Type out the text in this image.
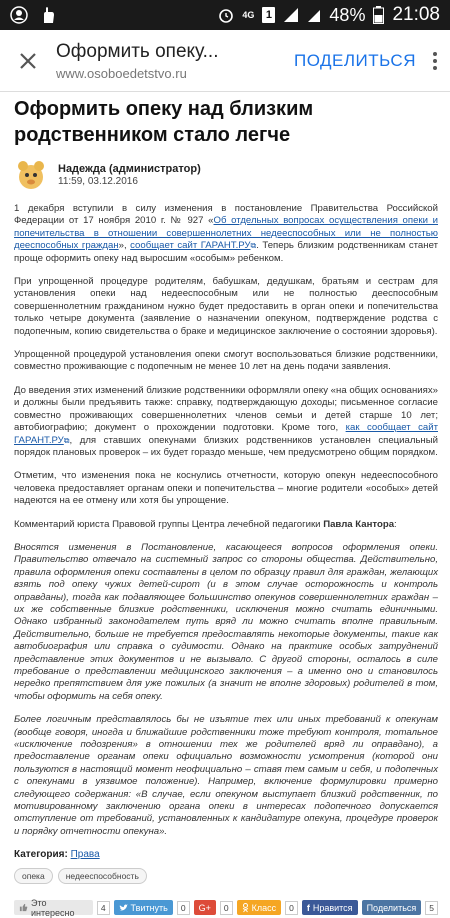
4G	1	48% 21:08
Оформить опеку...
www.osoboedetstvo.ru
ПОДЕЛИТЬСЯ
Оформить опеку над близким родственником стало легче
Надежда (администратор)
11:59, 03.12.2016

1 декабря вступили в силу изменения в постановление Правительства Российской Федерации от 17 ноября 2010 г. № 927 «Об отдельных вопросах осуществления опеки и попечительства в отношении совершеннолетних недееспособных или не полностью дееспособных граждан», сообщает сайт ГАРАНТ.РУ⧉. Теперь близким родственникам станет проще оформить опеку над выросшим «особым» ребенком.

При упрощенной процедуре родителям, бабушкам, дедушкам, братьям и сестрам для установления опеки над недееспособным или не полностью дееспособным совершеннолетним гражданином нужно будет предоставить в орган опеки и попечительства только четыре документа (заявление о назначении опекуном, подтверждение родства с подопечным, копию свидетельства о браке и медицинское заключение о состоянии здоровья).

Упрощенной процедурой установления опеки смогут воспользоваться близкие родственники, совместно проживающие с подопечным не менее 10 лет на день подачи заявления.

До введения этих изменений близкие родственники оформляли опеку «на общих основаниях» и должны были предъявить также: справку, подтверждающую доходы; письменное согласие совместно проживающих совершеннолетних членов семьи и детей старше 10 лет; автобиографию; документ о прохождении подготовки. Кроме того, как сообщает сайт ГАРАНТ.РУ⧉, для ставших опекунами близких родственников установлен специальный порядок плановых проверок – их будет гораздо меньше, чем предусмотрено общим порядком.

Отметим, что изменения пока не коснулись отчетности, которую опекун недееспособного человека предоставляет органам опеки и попечительства – многие родители «особых» детей надеются на ее отмену или хотя бы упрощение.

Комментарий юриста Правовой группы Центра лечебной педагогики Павла Кантора:

Вносятся изменения в Постановление, касающееся вопросов оформления опеки. Правительство отвечало на системный запрос со стороны общества. Действительно, правила оформления опеки составлены в целом по образцу правил для граждан, желающих взять под опеку чужих детей-сирот (и в этом случае осторожность и контроль оправданы), тогда как подавляющее большинство опекунов совершеннолетних граждан – их же собственные близкие родственники, исключения можно считать единичными. Однако избранный законодателем путь вряд ли можно считать вполне правильным. Действительно, больше не требуется предоставлять некоторые документы, такие как автобиография или справка о судимости. Однако на практике особых затруднений представление этих документов и не вызывало. С другой стороны, осталось в силе требование о представлении медицинского заключения – а именно оно и становилось нередко препятствием для уже пожилых (а значит не вполне здоровых) родителей в том, чтобы оформить на себя опеку.

Более логичным представлялось бы не изъятие тех или иных требований к опекунам (вообще говоря, иногда и ближайшие родственники тоже требуют контроля, тотальное «исключение подозрения» в отношении тех же родителей вряд ли оправдано), а предоставление органам опеки официально возможности усмотрения (которой они пользуются в настоящий момент неофициально – ставя тем самым и себя, и подопечных с опекунами в уязвимое положение). Например, включение формулировки примерно следующего содержания: «В случае, если опекуном выступает близкий родственник, по мотивированному заключению органа опеки в интересах подопечного допускается отступление от требований, установленных к кандидатуре опекуна, процедуре проверок и порядку отчетности опекуна».

Категория: Права
опека	недееспособность
Это интересно	4	Твитнуть	0	G+	0	Класс	0	f Нравится	Поделиться	5
